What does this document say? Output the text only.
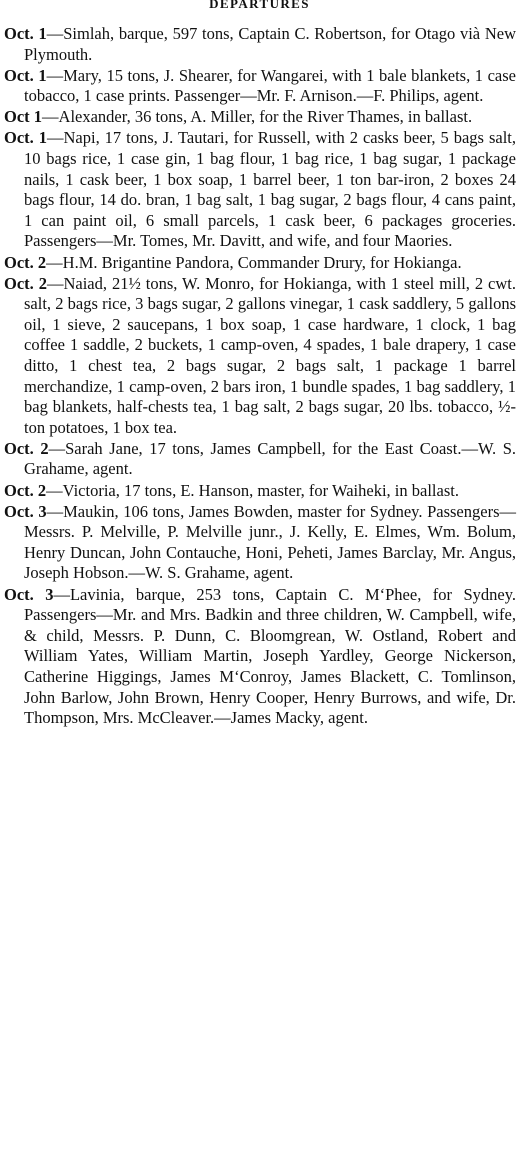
DEPARTURES

Oct. 1—Simlah, barque, 597 tons, Captain C. Robertson, for Otago vià New Plymouth.

Oct. 1—Mary, 15 tons, J. Shearer, for Wangarei, with 1 bale blankets, 1 case tobacco, 1 case prints. Passenger—Mr. F. Arnison.—F. Philips, agent.

Oct 1—Alexander, 36 tons, A. Miller, for the River Thames, in ballast.

Oct. 1—Napi, 17 tons, J. Tautari, for Russell, with 2 casks beer, 5 bags salt, 10 bags rice, 1 case gin, 1 bag flour, 1 bag rice, 1 bag sugar, 1 package nails, 1 cask beer, 1 box soap, 1 barrel beer, 1 ton bar-iron, 2 boxes 24 bags flour, 14 do. bran, 1 bag salt, 1 bag sugar, 2 bags flour, 4 cans paint, 1 can paint oil, 6 small parcels, 1 cask beer, 6 packages groceries. Passengers—Mr. Tomes, Mr. Davitt, and wife, and four Maories.

Oct. 2—H.M. Brigantine Pandora, Commander Drury, for Hokianga.

Oct. 2—Naiad, 21½ tons, W. Monro, for Hokianga, with 1 steel mill, 2 cwt. salt, 2 bags rice, 3 bags sugar, 2 gallons vinegar, 1 cask saddlery, 5 gallons oil, 1 sieve, 2 saucepans, 1 box soap, 1 case hardware, 1 clock, 1 bag coffee 1 saddle, 2 buckets, 1 camp-oven, 4 spades, 1 bale drapery, 1 case ditto, 1 chest tea, 2 bags sugar, 2 bags salt, 1 package 1 barrel merchandize, 1 camp-oven, 2 bars iron, 1 bundle spades, 1 bag saddlery, 1 bag blankets, half-chests tea, 1 bag salt, 2 bags sugar, 20 lbs. tobacco, ½-ton potatoes, 1 box tea.

Oct. 2—Sarah Jane, 17 tons, James Campbell, for the East Coast.—W. S. Grahame, agent.

Oct. 2—Victoria, 17 tons, E. Hanson, master, for Waiheki, in ballast.

Oct. 3—Maukin, 106 tons, James Bowden, master for Sydney. Passengers—Messrs. P. Melville, P. Melville junr., J. Kelly, E. Elmes, Wm. Bolum, Henry Duncan, John Contauche, Honi, Peheti, James Barclay, Mr. Angus, Joseph Hobson.—W. S. Grahame, agent.

Oct. 3—Lavinia, barque, 253 tons, Captain C. M‘Phee, for Sydney. Passengers—Mr. and Mrs. Badkin and three children, W. Campbell, wife, & child, Messrs. P. Dunn, C. Bloomgrean, W. Ostland, Robert and William Yates, William Martin, Joseph Yardley, George Nickerson, Catherine Higgings, James M‘Conroy, James Blackett, C. Tomlinson, John Barlow, John Brown, Henry Cooper, Henry Burrows, and wife, Dr. Thompson, Mrs. McCleaver.—James Macky, agent.
